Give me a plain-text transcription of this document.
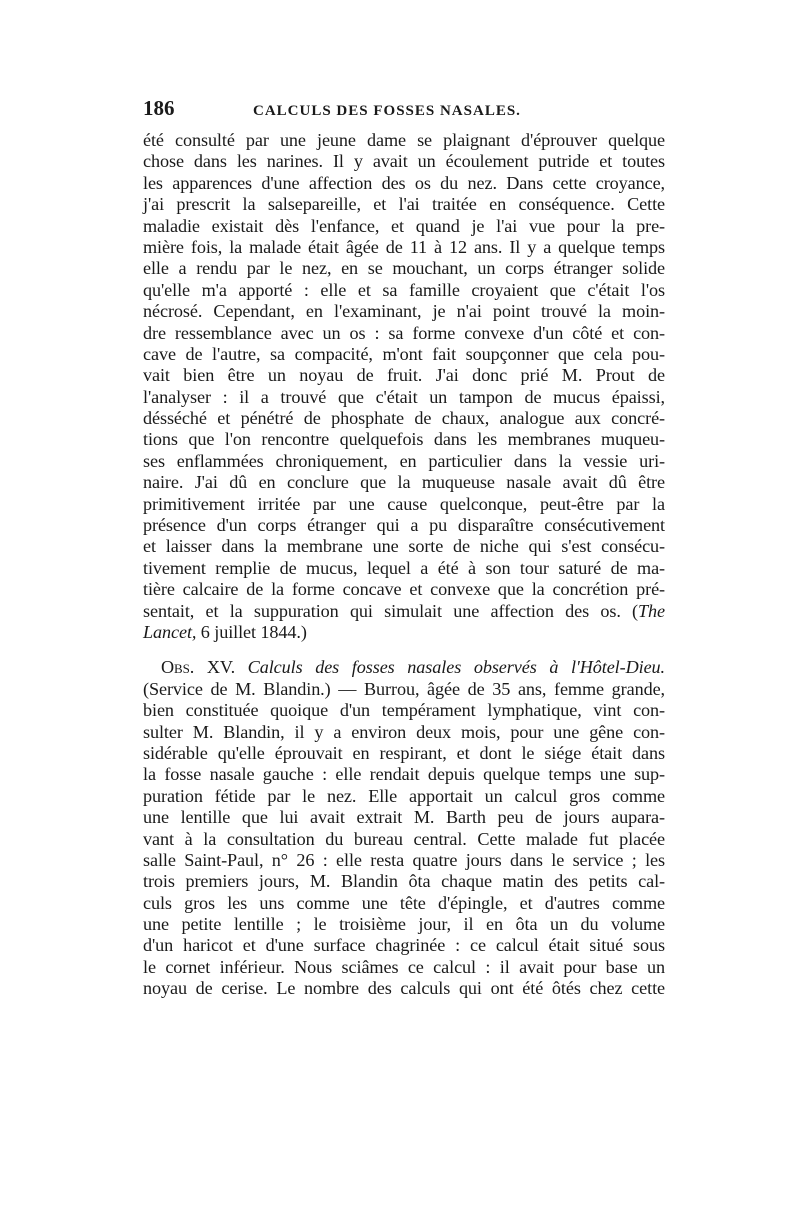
186	CALCULS DES FOSSES NASALES.
été consulté par une jeune dame se plaignant d'éprouver quelque
chose dans les narines. Il y avait un écoulement putride et toutes
les apparences d'une affection des os du nez. Dans cette croyance,
j'ai prescrit la salsepareille, et l'ai traitée en conséquence. Cette
maladie existait dès l'enfance, et quand je l'ai vue pour la pre-
mière fois, la malade était âgée de 11 à 12 ans. Il y a quelque temps
elle a rendu par le nez, en se mouchant, un corps étranger solide
qu'elle m'a apporté : elle et sa famille croyaient que c'était l'os
nécrosé. Cependant, en l'examinant, je n'ai point trouvé la moin-
dre ressemblance avec un os : sa forme convexe d'un côté et con-
cave de l'autre, sa compacité, m'ont fait soupçonner que cela pou-
vait bien être un noyau de fruit. J'ai donc prié M. Prout de
l'analyser : il a trouvé que c'était un tampon de mucus épaissi,
désséché et pénétré de phosphate de chaux, analogue aux concré-
tions que l'on rencontre quelquefois dans les membranes muqueu-
ses enflammées chroniquement, en particulier dans la vessie uri-
naire. J'ai dû en conclure que la muqueuse nasale avait dû être
primitivement irritée par une cause quelconque, peut-être par la
présence d'un corps étranger qui a pu disparaître consécutivement
et laisser dans la membrane une sorte de niche qui s'est consécu-
tivement remplie de mucus, lequel a été à son tour saturé de ma-
tière calcaire de la forme concave et convexe que la concrétion pré-
sentait, et la suppuration qui simulait une affection des os. (The
Lancet, 6 juillet 1844.)
Obs. XV. Calculs des fosses nasales observés à l'Hôtel-Dieu.
(Service de M. Blandin.) — Burrou, âgée de 35 ans, femme grande,
bien constituée quoique d'un tempérament lymphatique, vint con-
sulter M. Blandin, il y a environ deux mois, pour une gêne con-
sidérable qu'elle éprouvait en respirant, et dont le siége était dans
la fosse nasale gauche : elle rendait depuis quelque temps une sup-
puration fétide par le nez. Elle apportait un calcul gros comme
une lentille que lui avait extrait M. Barth peu de jours aupara-
vant à la consultation du bureau central. Cette malade fut placée
salle Saint-Paul, n° 26 : elle resta quatre jours dans le service ; les
trois premiers jours, M. Blandin ôta chaque matin des petits cal-
culs gros les uns comme une tête d'épingle, et d'autres comme
une petite lentille ; le troisième jour, il en ôta un du volume
d'un haricot et d'une surface chagrinée : ce calcul était situé sous
le cornet inférieur. Nous sciâmes ce calcul : il avait pour base un
noyau de cerise. Le nombre des calculs qui ont été ôtés chez cette
